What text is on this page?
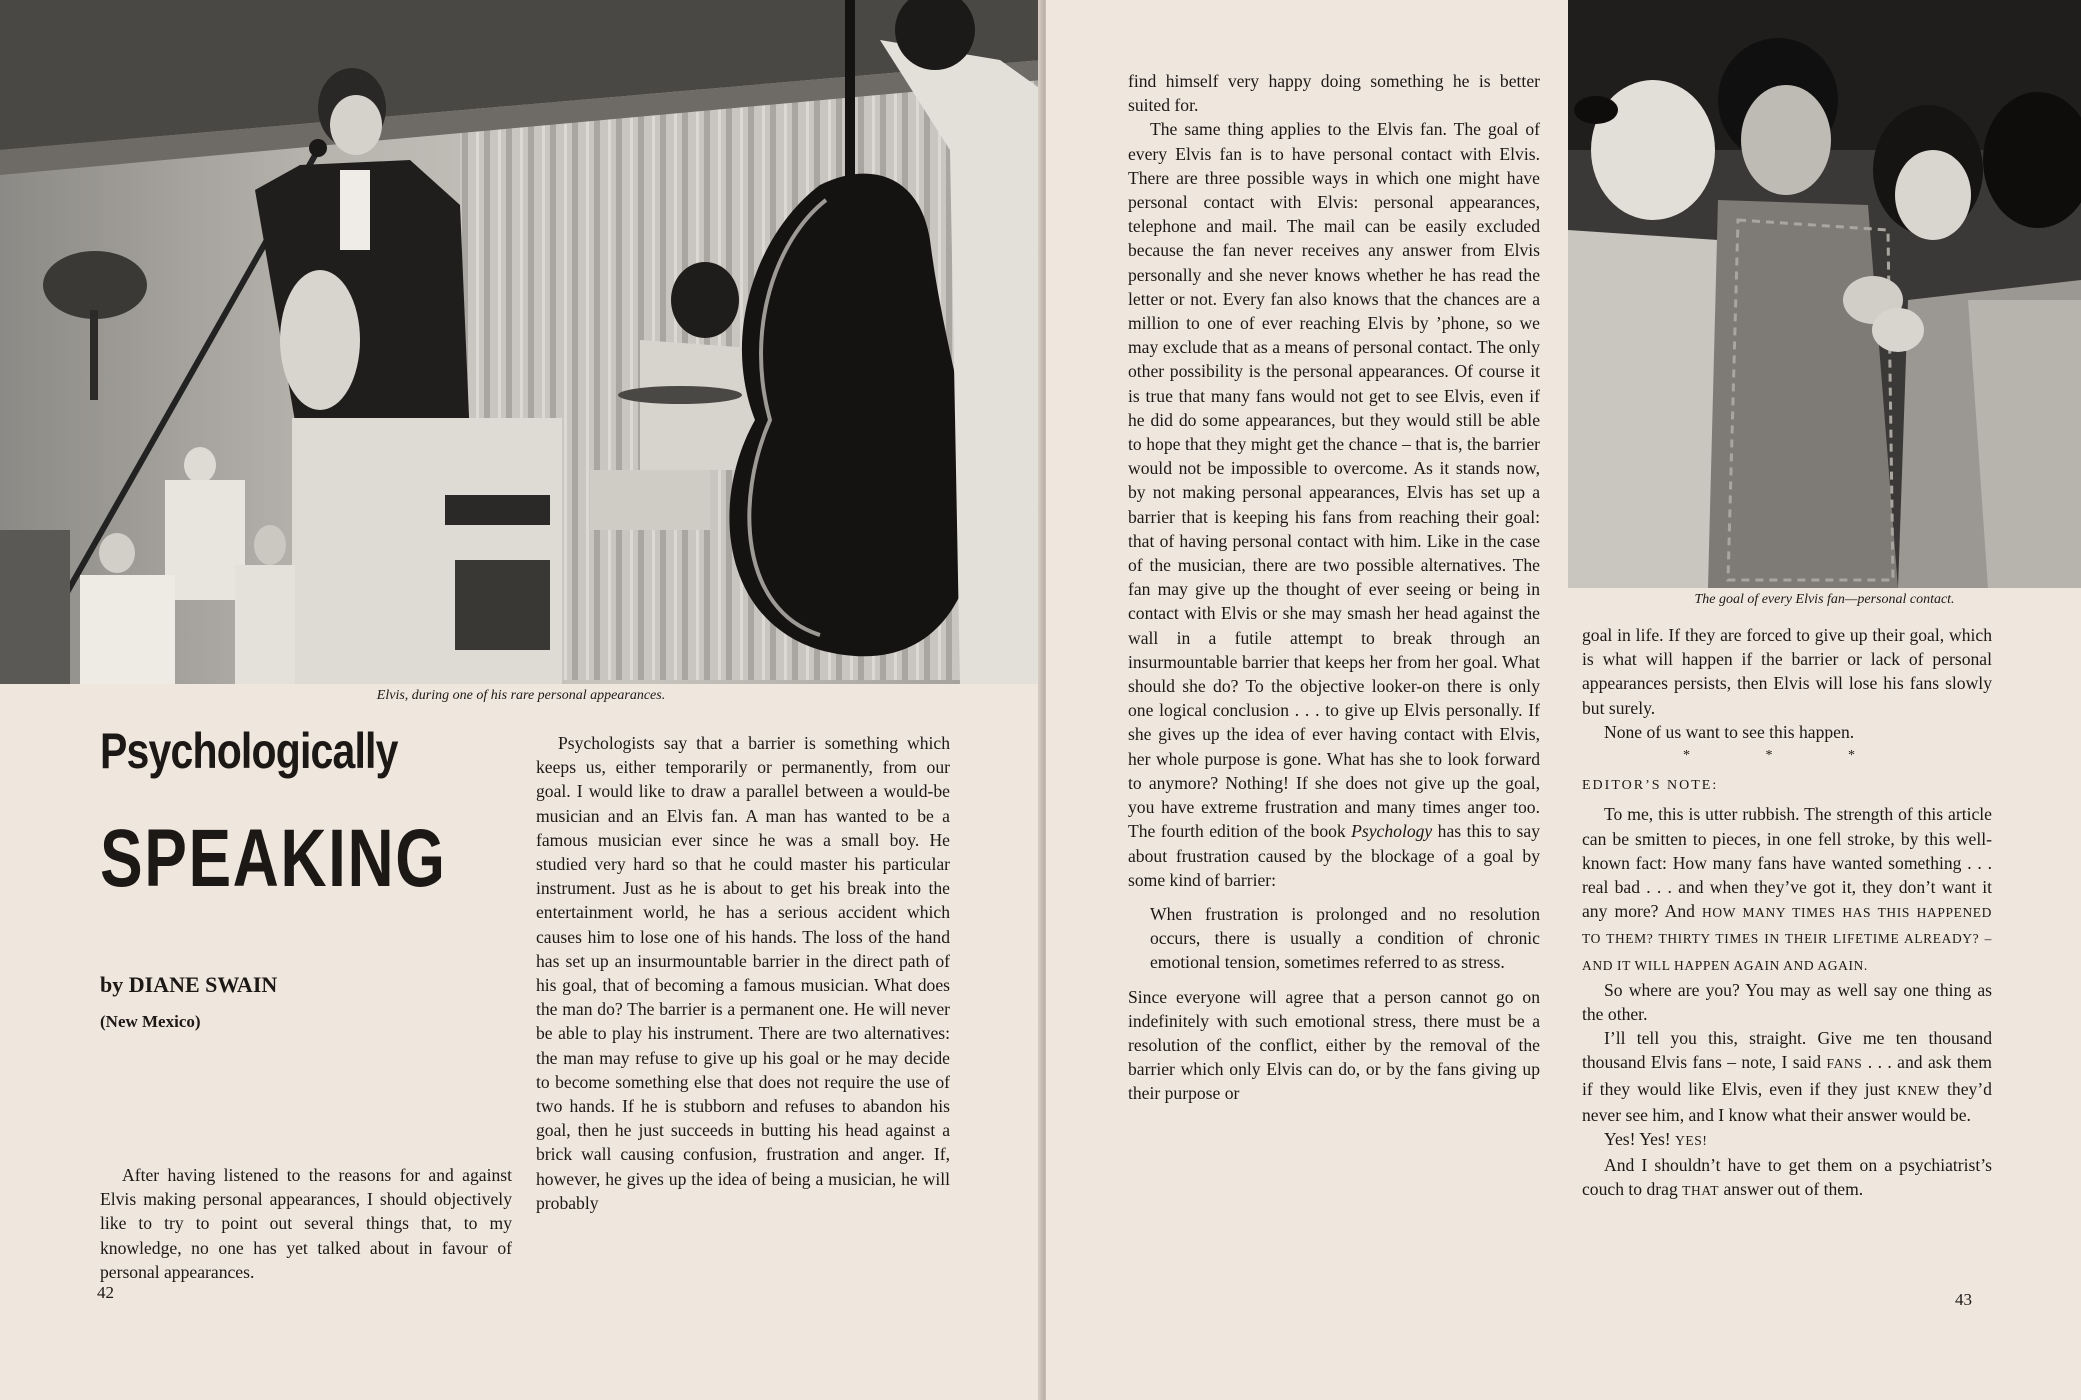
Elvis, during one of his rare personal appearances.
Psychologically
SPEAKING
by DIANE SWAIN
(New Mexico)

After having listened to the reasons for and against Elvis making personal appearances, I should objectively like to try to point out several things that, to my knowledge, no one has yet talked about in favour of personal appearances.

Psychologists say that a barrier is something which keeps us, either temporarily or permanently, from our goal. I would like to draw a parallel between a would-be musician and an Elvis fan. A man has wanted to be a famous musician ever since he was a small boy. He studied very hard so that he could master his particular instrument. Just as he is about to get his break into the entertainment world, he has a serious accident which causes him to lose one of his hands. The loss of the hand has set up an insurmountable barrier in the direct path of his goal, that of becoming a famous musician. What does the man do? The barrier is a permanent one. He will never be able to play his instrument. There are two alternatives: the man may refuse to give up his goal or he may decide to become something else that does not require the use of two hands. If he is stubborn and refuses to abandon his goal, then he just succeeds in butting his head against a brick wall causing confusion, frustration and anger. If, however, he gives up the idea of being a musician, he will probably

42
The goal of every Elvis fan—personal contact.

find himself very happy doing something he is better suited for.

The same thing applies to the Elvis fan. The goal of every Elvis fan is to have personal contact with Elvis. There are three possible ways in which one might have personal contact with Elvis: personal appearances, telephone and mail. The mail can be easily excluded because the fan never receives any answer from Elvis personally and she never knows whether he has read the letter or not. Every fan also knows that the chances are a million to one of ever reaching Elvis by ’phone, so we may exclude that as a means of personal contact. The only other possibility is the personal appearances. Of course it is true that many fans would not get to see Elvis, even if he did do some appearances, but they would still be able to hope that they might get the chance – that is, the barrier would not be impossible to overcome. As it stands now, by not making personal appearances, Elvis has set up a barrier that is keeping his fans from reaching their goal: that of having personal contact with him. Like in the case of the musician, there are two possible alternatives. The fan may give up the thought of ever seeing or being in contact with Elvis or she may smash her head against the wall in a futile attempt to break through an insurmountable barrier that keeps her from her goal. What should she do? To the objective looker-on there is only one logical conclusion . . . to give up Elvis personally. If she gives up the idea of ever having contact with Elvis, her whole purpose is gone. What has she to look forward to anymore? Nothing! If she does not give up the goal, you have extreme frustration and many times anger too. The fourth edition of the book Psychology has this to say about frustration caused by the blockage of a goal by some kind of barrier:

When frustration is prolonged and no resolution occurs, there is usually a condition of chronic emotional tension, sometimes referred to as stress.

Since everyone will agree that a person cannot go on indefinitely with such emotional stress, there must be a resolution of the conflict, either by the removal of the barrier which only Elvis can do, or by the fans giving up their purpose or

goal in life. If they are forced to give up their goal, which is what will happen if the barrier or lack of personal appearances persists, then Elvis will lose his fans slowly but surely.

None of us want to see this happen.

* * *

EDITOR’S NOTE:

To me, this is utter rubbish. The strength of this article can be smitten to pieces, in one fell stroke, by this well-known fact: How many fans have wanted something . . . real bad . . . and when they’ve got it, they don’t want it any more? And HOW MANY TIMES HAS THIS HAPPENED TO THEM? THIRTY TIMES IN THEIR LIFETIME ALREADY? – AND IT WILL HAPPEN AGAIN AND AGAIN.

So where are you? You may as well say one thing as the other.

I’ll tell you this, straight. Give me ten thousand thousand Elvis fans – note, I said FANS . . . and ask them if they would like Elvis, even if they just KNEW they’d never see him, and I know what their answer would be.

Yes! Yes! YES!

And I shouldn’t have to get them on a psychiatrist’s couch to drag THAT answer out of them.

43
